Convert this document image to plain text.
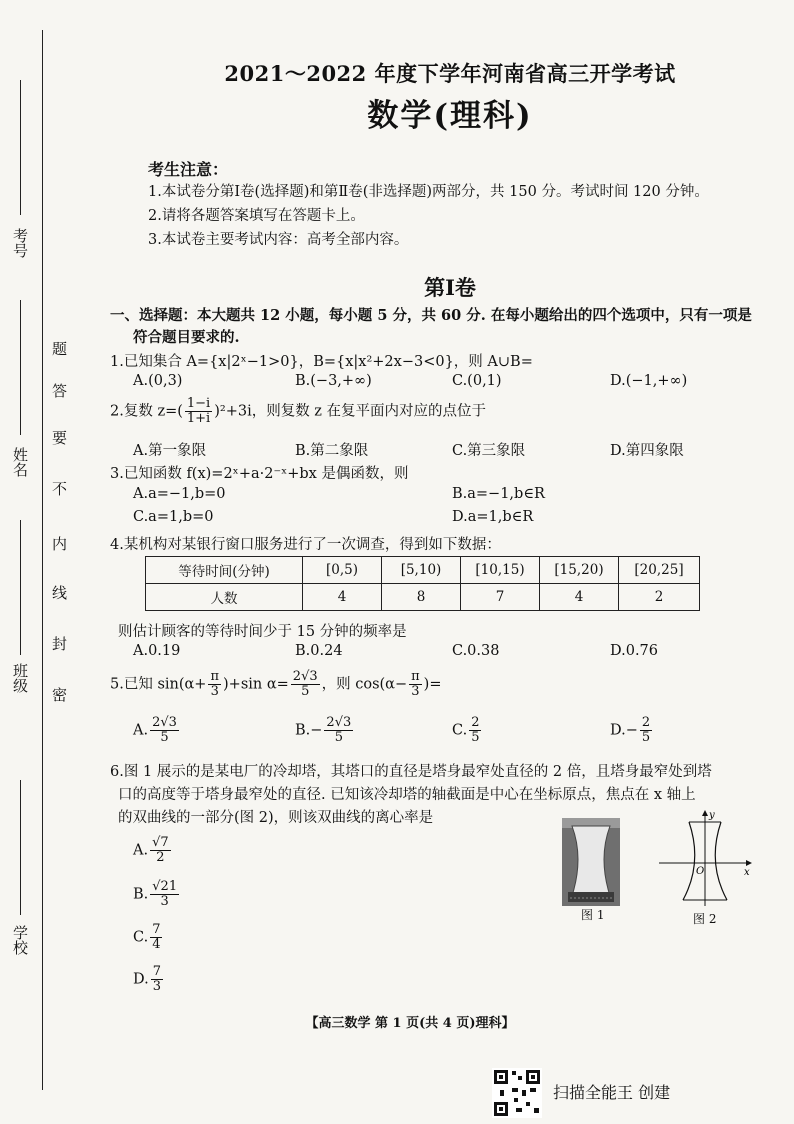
考号
姓名
班级
学校
题
答
要
不
内
线
封
密
2021～2022 年度下学年河南省高三开学考试
数学(理科)
考生注意：
1.本试卷分第Ⅰ卷(选择题)和第Ⅱ卷(非选择题)两部分，共 150 分。考试时间 120 分钟。
2.请将各题答案填写在答题卡上。
3.本试卷主要考试内容：高考全部内容。
第Ⅰ卷
一、选择题：本大题共 12 小题，每小题 5 分，共 60 分. 在每小题给出的四个选项中，只有一项是
符合题目要求的.
1.已知集合 A={x|2ˣ−1>0}，B={x|x²+2x−3<0}，则 A∪B=
A.(0,3)	B.(−3,+∞)	C.(0,1)	D.(−1,+∞)
2.复数 $z=( \frac{1-i}{1+i} )^2+3i$，则复数 z 在复平面内对应的点位于
A.第一象限	B.第二象限	C.第三象限	D.第四象限
3.已知函数 f(x)=2ˣ+a·2⁻ˣ+bx 是偶函数，则
A.a=−1,b=0	B.a=−1,b∈R
C.a=1,b=0	D.a=1,b∈R
4.某机构对某银行窗口服务进行了一次调查，得到如下数据：
等待时间(分钟)	[0,5)	[5,10)	[10,15)	[15,20)	[20,25]
人数	4	8	7	4	2
则估计顾客的等待时间少于 15 分钟的频率是
A.0.19	B.0.24	C.0.38	D.0.76
5.已知 $\sin(\alpha+ \frac{\pi}{3} )+\sin$ $\alpha= \frac{2√3}{5}$ ，则 $\cos(\alpha- \frac{\pi}{3}$ )=
A. $\frac{2√3}{5}$	$B.- \frac{2√3}{5}$	C. $\frac{2}{5}$	$D.- \frac{2}{5}$
6.图 1 展示的是某电厂的冷却塔，其塔口的直径是塔身最窄处直径的 2 倍，且塔身最窄处到塔
口的高度等于塔身最窄处的直径. 已知该冷却塔的轴截面是中心在坐标原点，焦点在 x 轴上
的双曲线的一部分(图 2)，则该双曲线的离心率是
A. $\frac{√7}{2}$
B. $\frac{√21}{3}$
C. $\frac{7}{4}$
D. $\frac{7}{3}$
图 1
y
x
O
图 2
【高三数学 第 1 页(共 4 页)理科】
扫描全能王 创建
